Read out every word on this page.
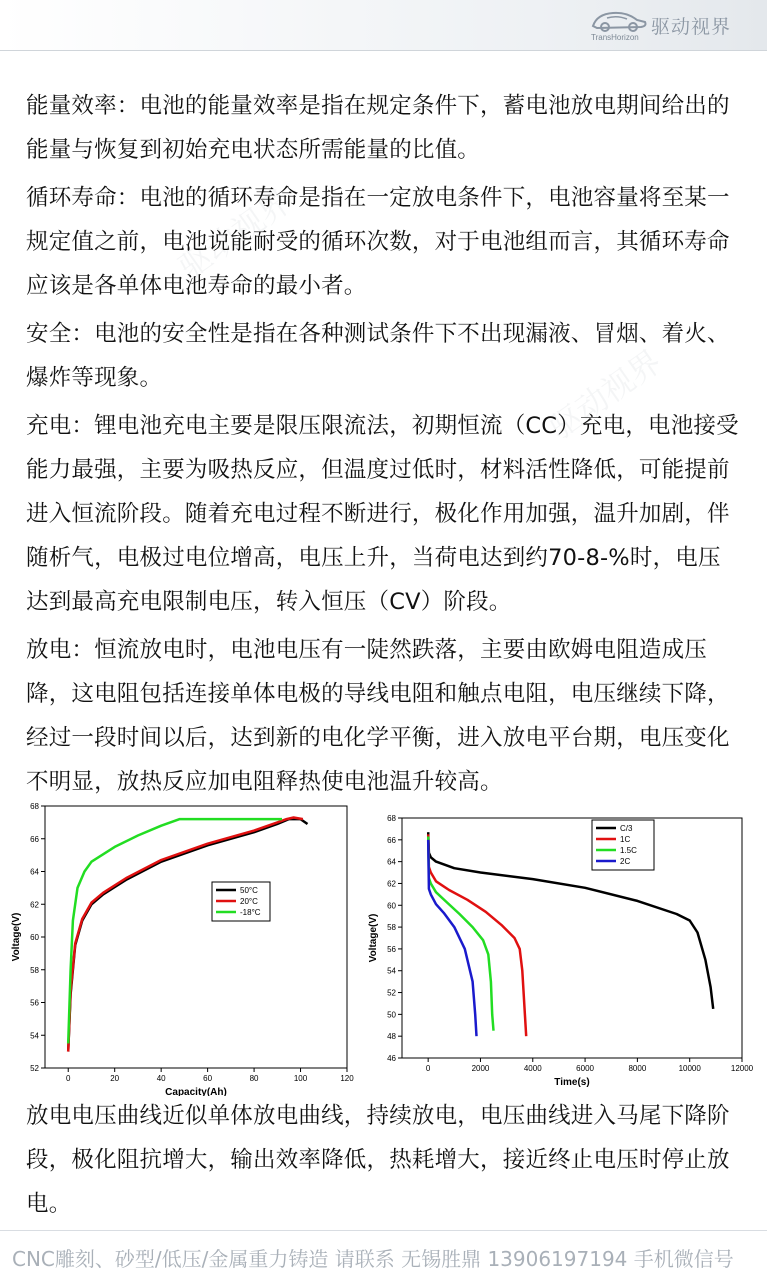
驱动视界
TransHorizon
驱动视界
驱动视界

能量效率：电池的能量效率是指在规定条件下，蓄电池放电期间给出的能量与恢复到初始充电状态所需能量的比值。

循环寿命：电池的循环寿命是指在一定放电条件下，电池容量将至某一规定值之前，电池说能耐受的循环次数，对于电池组而言，其循环寿命应该是各单体电池寿命的最小者。

安全：电池的安全性是指在各种测试条件下不出现漏液、冒烟、着火、爆炸等现象。

充电：锂电池充电主要是限压限流法，初期恒流（CC）充电，电池接受能力最强，主要为吸热反应，但温度过低时，材料活性降低，可能提前进入恒流阶段。随着充电过程不断进行，极化作用加强，温升加剧，伴随析气，电极过电位增高，电压上升，当荷电达到约70-8-%时，电压达到最高充电限制电压，转入恒压（CV）阶段。

放电：恒流放电时，电池电压有一陡然跌落，主要由欧姆电阻造成压降，这电阻包括连接单体电极的导线电阻和触点电阻，电压继续下降，经过一段时间以后，达到新的电化学平衡，进入放电平台期，电压变化不明显，放热反应加电阻释热使电池温升较高。

0	20	40	60	80	100	120
52
54
56
58
60
62
64
66
68
Capacity(Ah)
Voltage(V)
50°C
20°C
-18°C
0	2000	4000	6000	8000	10000	12000
46
48
50
52
54
56
58
60
62
64
66
68
Time(s)
Voltage(V)
C/3
1C
1.5C
2C

放电电压曲线近似单体放电曲线，持续放电，电压曲线进入马尾下降阶段，极化阻抗增大，输出效率降低，热耗增大，接近终止电压时停止放电。

CNC雕刻、砂型/低压/金属重力铸造 请联系 无锡胜鼎 13906197194 手机微信号
